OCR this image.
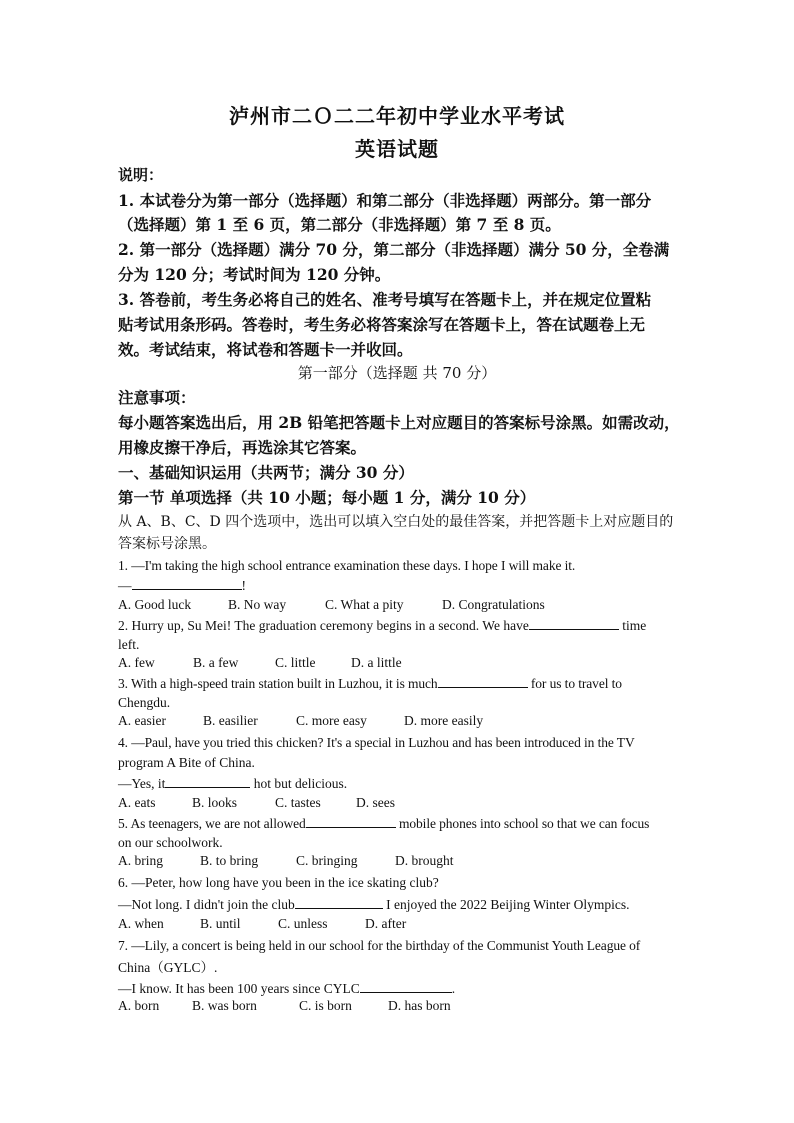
泸州市二Ｏ二二年初中学业水平考试
英语试题
说明：
1. 本试卷分为第一部分（选择题）和第二部分（非选择题）两部分。第一部分
（选择题）第 1 至 6 页，第二部分（非选择题）第 7 至 8 页。
2. 第一部分（选择题）满分 70 分，第二部分（非选择题）满分 50 分，全卷满
分为 120 分；考试时间为 120 分钟。
3. 答卷前，考生务必将自己的姓名、准考号填写在答题卡上，并在规定位置粘
贴考试用条形码。答卷时，考生务必将答案涂写在答题卡上，答在试题卷上无
效。考试结束，将试卷和答题卡一并收回。
第一部分（选择题 共 70 分）
注意事项：
每小题答案选出后，用 2B 铅笔把答题卡上对应题目的答案标号涂黑。如需改动，
用橡皮擦干净后，再选涂其它答案。
一、基础知识运用（共两节；满分 30 分）
第一节 单项选择（共 10 小题；每小题 1 分，满分 10 分）
从 A、B、C、D 四个选项中，选出可以填入空白处的最佳答案，并把答题卡上对应题目的
答案标号涂黑。
1. —I'm taking the high school entrance examination these days. I hope I will make it.
—	!
A. Good luck	B. No way	C. What a pity	D. Congratulations
2. Hurry up, Su Mei! The graduation ceremony begins in a second. We have	time
left.
A. few	B. a few	C. little	D. a little
3. With a high-speed train station built in Luzhou, it is much	for us to travel to
Chengdu.
A. easier	B. easilier	C. more easy	D. more easily
4. —Paul, have you tried this chicken? It's a special in Luzhou and has been introduced in the TV
program A Bite of China.
—Yes, it	hot but delicious.
A. eats	B. looks	C. tastes	D. sees
5. As teenagers, we are not allowed	mobile phones into school so that we can focus
on our schoolwork.
A. bring	B. to bring	C. bringing	D. brought
6. —Peter, how long have you been in the ice skating club?
—Not long. I didn't join the club	I enjoyed the 2022 Beijing Winter Olympics.
A. when	B. until	C. unless	D. after
7. —Lily, a concert is being held in our school for the birthday of the Communist Youth League of
China（GYLC）.
—I know. It has been 100 years since CYLC	.
A. born B. was born	C. is born	D. has born
